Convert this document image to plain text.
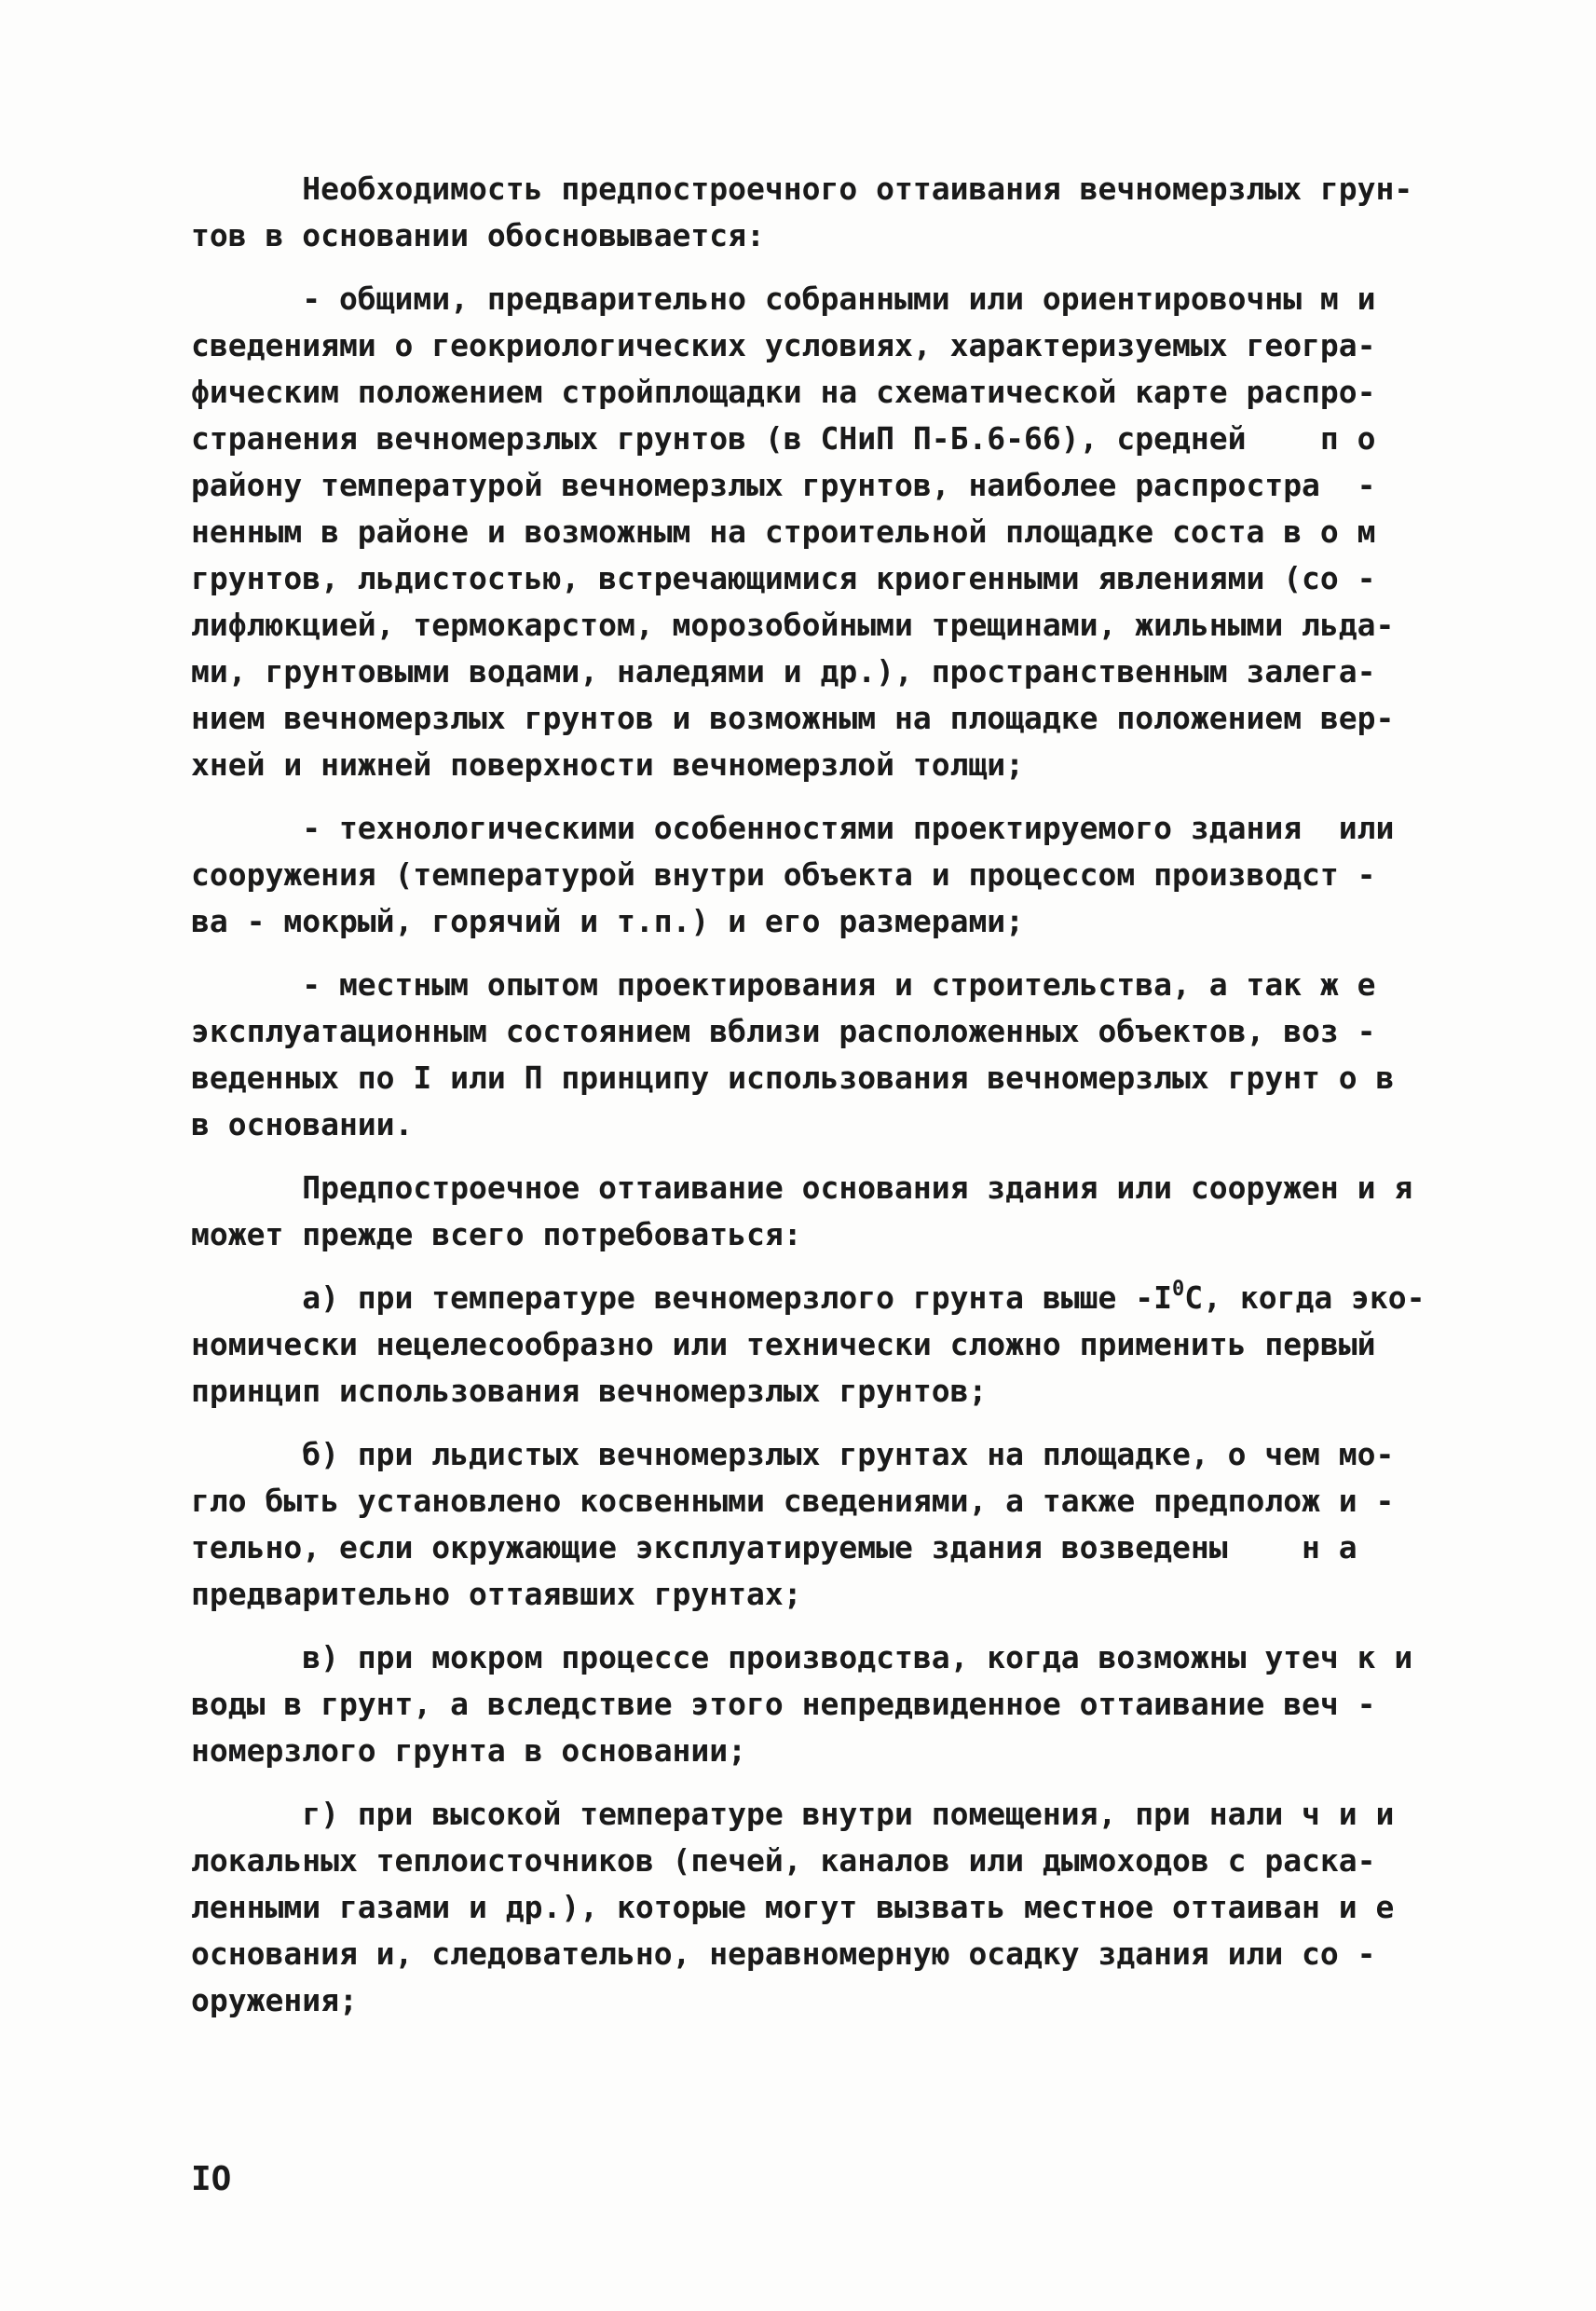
Необходимость предпостроечного оттаивания вечномерзлых грун-
тов в основании обосновывается:
- общими, предварительно собранными или ориентировочны м и
сведениями о геокриологических условиях, характеризуемых геогра-
фическим положением стройплощадки на схематической карте распро-
странения вечномерзлых грунтов (в СНиП П-Б.6-66), средней    п о
району температурой вечномерзлых грунтов, наиболее распростра  -
ненным в районе и возможным на строительной площадке соста в о м
грунтов, льдистостью, встречающимися криогенными явлениями (со -
лифлюкцией, термокарстом, морозобойными трещинами, жильными льда-
ми, грунтовыми водами, наледями и др.), пространственным залега-
нием вечномерзлых грунтов и возможным на площадке положением вер-
хней и нижней поверхности вечномерзлой толщи;
- технологическими особенностями проектируемого здания  или
сооружения (температурой внутри объекта и процессом производст -
ва - мокрый, горячий и т.п.) и его размерами;
- местным опытом проектирования и строительства, а так ж е
эксплуатационным состоянием вблизи расположенных объектов, воз -
веденных по I или П принципу использования вечномерзлых грунт о в
в основании.
Предпостроечное оттаивание основания здания или сооружен и я
может прежде всего потребоваться:
а) при температуре вечномерзлого грунта выше $-I^0С$, когда эко-
номически нецелесообразно или технически сложно применить первый
принцип использования вечномерзлых грунтов;
б) при льдистых вечномерзлых грунтах на площадке, о чем мо-
гло быть установлено косвенными сведениями, а также предполож и -
тельно, если окружающие эксплуатируемые здания возведены    н а
предварительно оттаявших грунтах;
в) при мокром процессе производства, когда возможны утеч к и
воды в грунт, а вследствие этого непредвиденное оттаивание веч -
номерзлого грунта в основании;
г) при высокой температуре внутри помещения, при нали ч и и
локальных теплоисточников (печей, каналов или дымоходов с раска-
ленными газами и др.), которые могут вызвать местное оттаиван и е
основания и, следовательно, неравномерную осадку здания или со -
оружения;
IO
